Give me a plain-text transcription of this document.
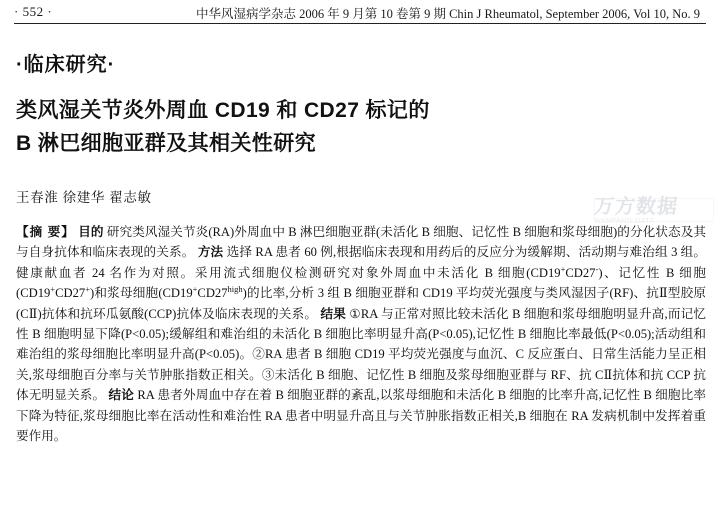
· 552 ·	中华风湿病学杂志 2006 年 9 月第 10 卷第 9 期 Chin J Rheumatol, September 2006, Vol 10, No. 9
·临床研究·
类风湿关节炎外周血 CD19 和 CD27 标记的
B 淋巴细胞亚群及其相关性研究
王春淮 徐建华 翟志敏

【摘 要】 目的 研究类风湿关节炎(RA)外周血中 B 淋巴细胞亚群(未活化 B 细胞、记忆性 B 细胞和浆母细胞)的分化状态及其与自身抗体和临床表现的关系。 方法 选择 RA 患者 60 例,根据临床表现和用药后的反应分为缓解期、活动期与难治组 3 组。健康献血者 24 名作为对照。采用流式细胞仪检测研究对象外周血中未活化 B 细胞(CD19+CD27-)、记忆性 B 细胞(CD19+CD27+)和浆母细胞$(CD19^+CD27^{high})$的比率,分析 3 组 B 细胞亚群和 CD19 平均荧光强度与类风湿因子(RF)、抗Ⅱ型胶原(CⅡ)抗体和抗环瓜氨酸(CCP)抗体及临床表现的关系。 结果 ①RA 与正常对照比较未活化 B 细胞和浆母细胞明显升高,而记忆性 B 细胞明显下降(P<0.05);缓解组和难治组的未活化 B 细胞比率明显升高(P<0.05),记忆性 B 细胞比率最低(P<0.05);活动组和难治组的浆母细胞比率明显升高(P<0.05)。②RA 患者 B 细胞 CD19 平均荧光强度与血沉、C 反应蛋白、日常生活能力呈正相关,浆母细胞百分率与关节肿胀指数正相关。③未活化 B 细胞、记忆性 B 细胞及浆母细胞亚群与 RF、抗 CⅡ抗体和抗 CCP 抗体无明显关系。 结论 RA 患者外周血中存在着 B 细胞亚群的紊乱,以浆母细胞和未活化 B 细胞的比率升高,记忆性 B 细胞比率下降为特征,浆母细胞比率在活动性和难治性 RA 患者中明显升高且与关节肿胀指数正相关,B 细胞在 RA 发病机制中发挥着重要作用。

万方数据
WANFANG DATA
